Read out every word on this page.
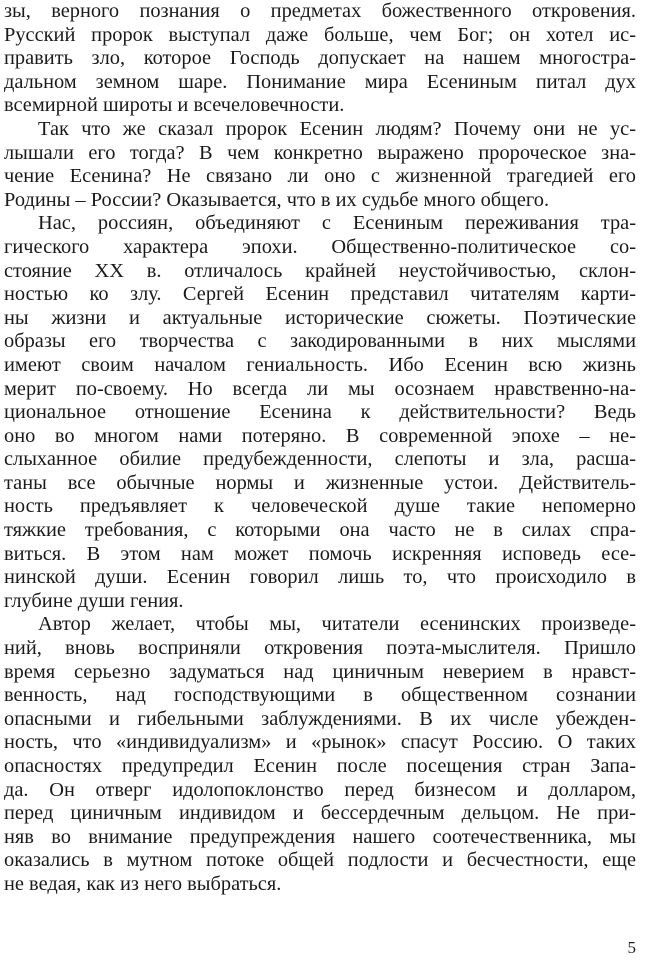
зы, верного познания о предметах божественного откровения.
Русский пророк выступал даже больше, чем Бог; он хотел ис-
править зло, которое Господь допускает на нашем многостра-
дальном земном шаре. Понимание мира Есениным питал дух
всемирной широты и всечеловечности.
Так что же сказал пророк Есенин людям? Почему они не ус-
лышали его тогда? В чем конкретно выражено пророческое зна-
чение Есенина? Не связано ли оно с жизненной трагедией его
Родины – России? Оказывается, что в их судьбе много общего.
Нас, россиян, объединяют с Есениным переживания тра-
гического характера эпохи. Общественно-политическое со-
стояние XX в. отличалось крайней неустойчивостью, склон-
ностью ко злу. Сергей Есенин представил читателям карти-
ны жизни и актуальные исторические сюжеты. Поэтические
образы его творчества с закодированными в них мыслями
имеют своим началом гениальность. Ибо Есенин всю жизнь
мерит по-своему. Но всегда ли мы осознаем нравственно-на-
циональное отношение Есенина к действительности? Ведь
оно во многом нами потеряно. В современной эпохе – не-
слыханное обилие предубежденности, слепоты и зла, расша-
таны все обычные нормы и жизненные устои. Действитель-
ность предъявляет к человеческой душе такие непомерно
тяжкие требования, с которыми она часто не в силах спра-
виться. В этом нам может помочь искренняя исповедь есе-
нинской души. Есенин говорил лишь то, что происходило в
глубине души гения.
Автор желает, чтобы мы, читатели есенинских произведе-
ний, вновь восприняли откровения поэта-мыслителя. Пришло
время серьезно задуматься над циничным неверием в нравст-
венность, над господствующими в общественном сознании
опасными и гибельными заблуждениями. В их числе убежден-
ность, что «индивидуализм» и «рынок» спасут Россию. О таких
опасностях предупредил Есенин после посещения стран Запа-
да. Он отверг идолопоклонство перед бизнесом и долларом,
перед циничным индивидом и бессердечным дельцом. Не при-
няв во внимание предупреждения нашего соотечественника, мы
оказались в мутном потоке общей подлости и бесчестности, еще
не ведая, как из него выбраться.
5
